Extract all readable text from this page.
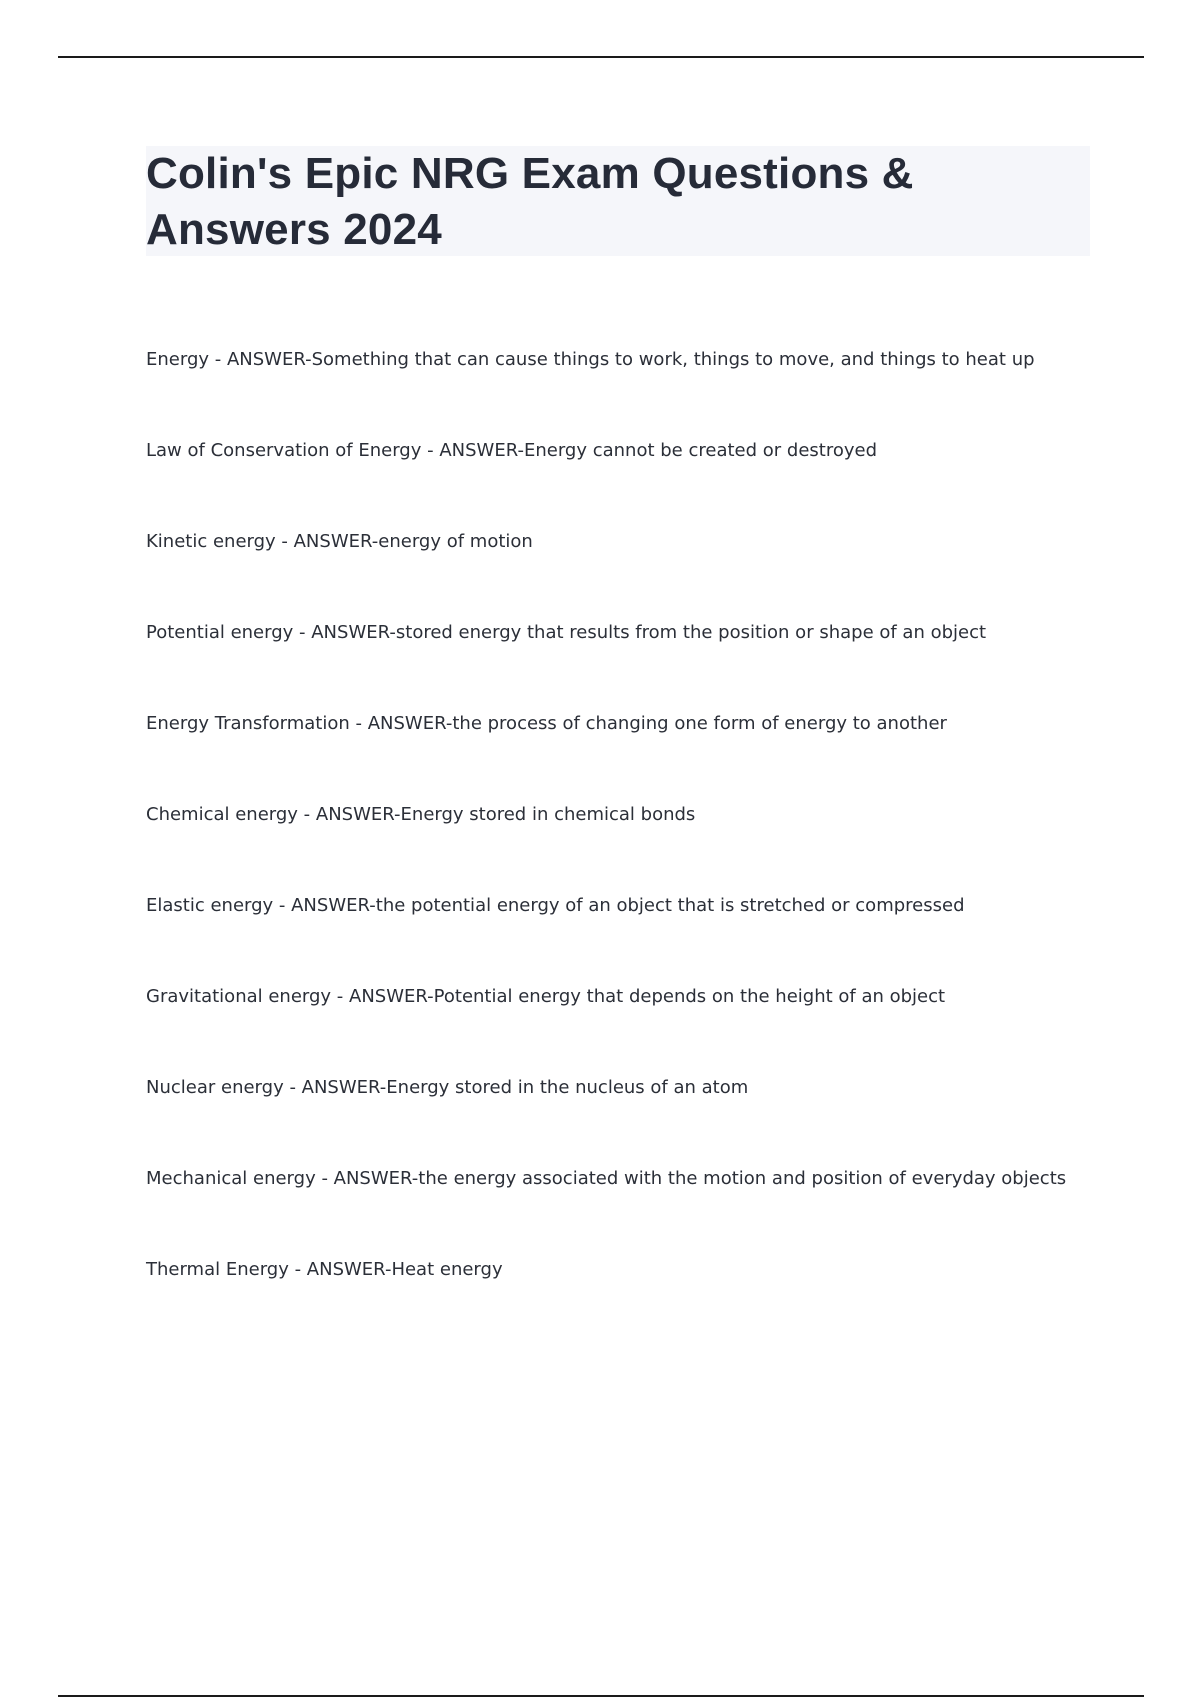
Colin's Epic NRG Exam Questions & Answers 2024
Energy - ANSWER-Something that can cause things to work, things to move, and things to heat up
Law of Conservation of Energy - ANSWER-Energy cannot be created or destroyed
Kinetic energy - ANSWER-energy of motion
Potential energy - ANSWER-stored energy that results from the position or shape of an object
Energy Transformation - ANSWER-the process of changing one form of energy to another
Chemical energy - ANSWER-Energy stored in chemical bonds
Elastic energy - ANSWER-the potential energy of an object that is stretched or compressed
Gravitational energy - ANSWER-Potential energy that depends on the height of an object
Nuclear energy - ANSWER-Energy stored in the nucleus of an atom
Mechanical energy - ANSWER-the energy associated with the motion and position of everyday objects
Thermal Energy - ANSWER-Heat energy
